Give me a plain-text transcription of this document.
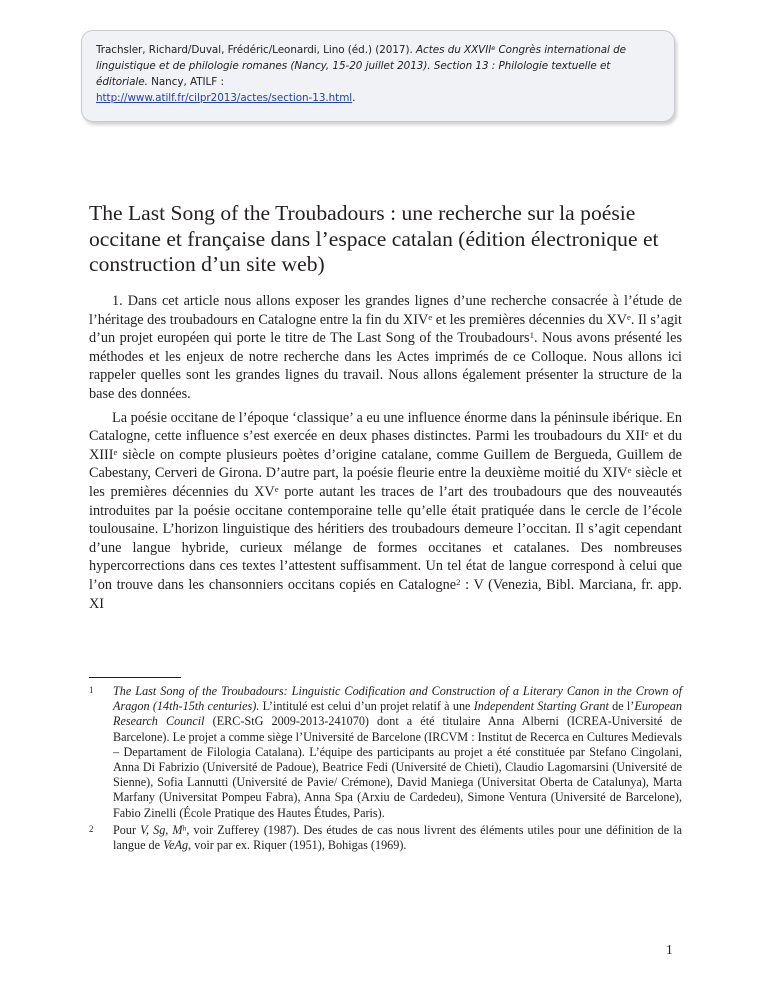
Trachsler, Richard/Duval, Frédéric/Leonardi, Lino (éd.) (2017). Actes du XXVIIe Congrès international de linguistique et de philologie romanes (Nancy, 15-20 juillet 2013). Section 13 : Philologie textuelle et éditoriale. Nancy, ATILF :
http://www.atilf.fr/cilpr2013/actes/section-13.html.
The Last Song of the Troubadours : une recherche sur la poésie occitane et française dans l’espace catalan (édition électronique et construction d’un site web)

1. Dans cet article nous allons exposer les grandes lignes d’une recherche consacrée à l’étude de l’héritage des troubadours en Catalogne entre la fin du XIVe et les premières décennies du XVe. Il s’agit d’un projet européen qui porte le titre de The Last Song of the Troubadours$^1$. Nous avons présenté les méthodes et les enjeux de notre recherche dans les Actes imprimés de ce Colloque. Nous allons ici rappeler quelles sont les grandes lignes du travail. Nous allons également présenter la structure de la base des données.

La poésie occitane de l’époque ‘classique’ a eu une influence énorme dans la péninsule ibérique. En Catalogne, cette influence s’est exercée en deux phases distinctes. Parmi les troubadours du XIIe et du XIIIe siècle on compte plusieurs poètes d’origine catalane, comme Guillem de Bergueda, Guillem de Cabestany, Cerveri de Girona. D’autre part, la poésie fleurie entre la deuxième moitié du XIVe siècle et les premières décennies du XVe porte autant les traces de l’art des troubadours que des nouveautés introduites par la poésie occitane contemporaine telle qu’elle était pratiquée dans le cercle de l’école toulousaine. L’horizon linguistique des héritiers des troubadours demeure l’occitan. Il s’agit cependant d’une langue hybride, curieux mélange de formes occitanes et catalanes. Des nombreuses hypercorrections dans ces textes l’attestent suffisamment. Un tel état de langue correspond à celui que l’on trouve dans les chansonniers occitans copiés en Catalogne$^2$ : V (Venezia, Bibl. Marciana, fr. app. XI

1 The Last Song of the Troubadours: Linguistic Codification and Construction of a Literary Canon in the Crown of Aragon (14th-15th centuries). L’intitulé est celui d’un projet relatif à une Independent Starting Grant de l’European Research Council (ERC-StG 2009-2013-241070) dont a été titulaire Anna Alberni (ICREA-Université de Barcelone). Le projet a comme siège l’Université de Barcelone (IRCVM : Institut de Recerca en Cultures Medievals – Departament de Filologia Catalana). L’équipe des participants au projet a été constituée par Stefano Cingolani, Anna Di Fabrizio (Université de Padoue), Beatrice Fedi (Université de Chieti), Claudio Lagomarsini (Université de Sienne), Sofia Lannutti (Université de Pavie/ Crémone), David Maniega (Universitat Oberta de Catalunya), Marta Marfany (Universitat Pompeu Fabra), Anna Spa (Arxiu de Cardedeu), Simone Ventura (Université de Barcelone), Fabio Zinelli (École Pratique des Hautes Études, Paris).
2 Pour V, Sg, $M^h$, voir Zufferey (1987). Des études de cas nous livrent des éléments utiles pour une définition de la langue de VeAg, voir par ex. Riquer (1951), Bohigas (1969).
1
